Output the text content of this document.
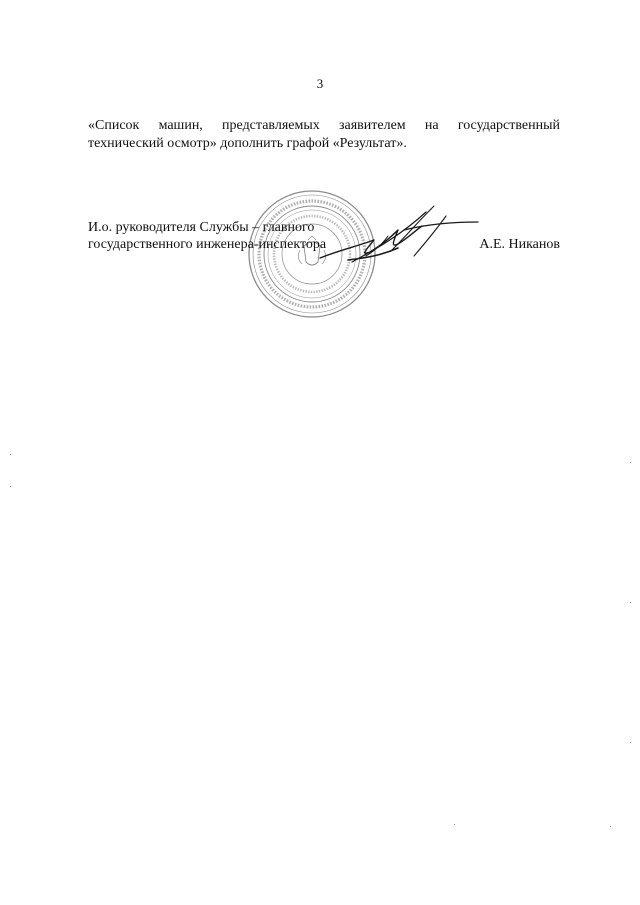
3
«Список машин, представляемых заявителем на государственный
технический осмотр» дополнить графой «Результат».
И.о. руководителя Службы – главного
государственного инженера-инспектора	А.Е. Никанов
